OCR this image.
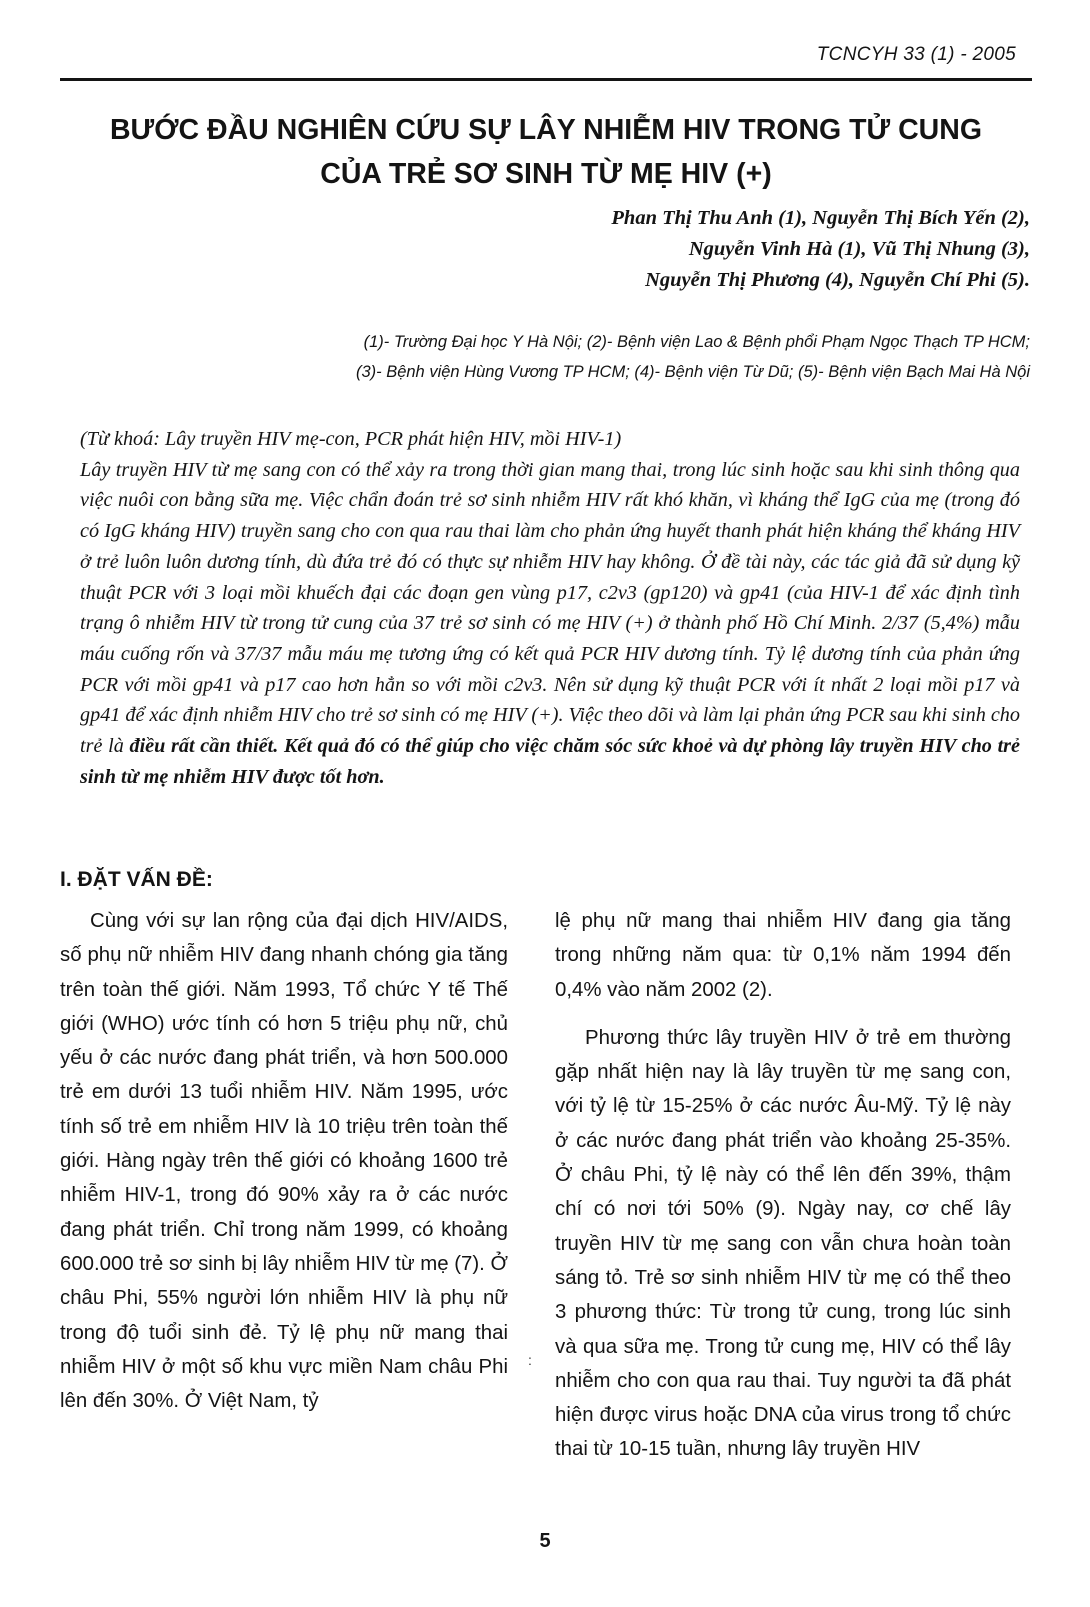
TCNCYH 33 (1) - 2005
BƯỚC ĐẦU NGHIÊN CỨU SỰ LÂY NHIỄM HIV TRONG TỬ CUNG
CỦA TRẺ SƠ SINH TỪ MẸ HIV (+)
Phan Thị Thu Anh (1), Nguyễn Thị Bích Yến (2),
Nguyễn Vinh Hà (1), Vũ Thị Nhung (3),
Nguyễn Thị Phương (4), Nguyễn Chí Phi (5).
(1)- Trường Đại học Y Hà Nội; (2)- Bệnh viện Lao & Bệnh phổi Phạm Ngọc Thạch TP HCM;
(3)- Bệnh viện Hùng Vương TP HCM; (4)- Bệnh viện Từ Dũ; (5)- Bệnh viện Bạch Mai Hà Nội
(Từ khoá: Lây truyền HIV mẹ-con, PCR phát hiện HIV, mồi HIV-1)
Lây truyền HIV từ mẹ sang con có thể xảy ra trong thời gian mang thai, trong lúc sinh hoặc sau khi sinh thông qua việc nuôi con bằng sữa mẹ. Việc chẩn đoán trẻ sơ sinh nhiễm HIV rất khó khăn, vì kháng thể IgG của mẹ (trong đó có IgG kháng HIV) truyền sang cho con qua rau thai làm cho phản ứng huyết thanh phát hiện kháng thể kháng HIV ở trẻ luôn luôn dương tính, dù đứa trẻ đó có thực sự nhiễm HIV hay không. Ở đề tài này, các tác giả đã sử dụng kỹ thuật PCR với 3 loại mồi khuếch đại các đoạn gen vùng p17, c2v3 (gp120) và gp41 (của HIV-1 để xác định tình trạng ô nhiễm HIV từ trong tử cung của 37 trẻ sơ sinh có mẹ HIV (+) ở thành phố Hồ Chí Minh. 2/37 (5,4%) mẫu máu cuống rốn và 37/37 mẫu máu mẹ tương ứng có kết quả PCR HIV dương tính. Tỷ lệ dương tính của phản ứng PCR với mồi gp41 và p17 cao hơn hẳn so với mồi c2v3. Nên sử dụng kỹ thuật PCR với ít nhất 2 loại mồi p17 và gp41 để xác định nhiễm HIV cho trẻ sơ sinh có mẹ HIV (+). Việc theo dõi và làm lại phản ứng PCR sau khi sinh cho trẻ là điều rất cần thiết. Kết quả đó có thể giúp cho việc chăm sóc sức khoẻ và dự phòng lây truyền HIV cho trẻ sinh từ mẹ nhiễm HIV được tốt hơn.
I. ĐẶT VẤN ĐỀ:
Cùng với sự lan rộng của đại dịch HIV/AIDS, số phụ nữ nhiễm HIV đang nhanh chóng gia tăng trên toàn thế giới. Năm 1993, Tổ chức Y tế Thế giới (WHO) ước tính có hơn 5 triệu phụ nữ, chủ yếu ở các nước đang phát triển, và hơn 500.000 trẻ em dưới 13 tuổi nhiễm HIV. Năm 1995, ước tính số trẻ em nhiễm HIV là 10 triệu trên toàn thế giới. Hàng ngày trên thế giới có khoảng 1600 trẻ nhiễm HIV-1, trong đó 90% xảy ra ở các nước đang phát triển. Chỉ trong năm 1999, có khoảng 600.000 trẻ sơ sinh bị lây nhiễm HIV từ mẹ (7). Ở châu Phi, 55% người lớn nhiễm HIV là phụ nữ trong độ tuổi sinh đẻ. Tỷ lệ phụ nữ mang thai nhiễm HIV ở một số khu vực miền Nam châu Phi lên đến 30%. Ở Việt Nam, tỷ
:
lệ phụ nữ mang thai nhiễm HIV đang gia tăng trong những năm qua: từ 0,1% năm 1994 đến 0,4% vào năm 2002 (2).
Phương thức lây truyền HIV ở trẻ em thường gặp nhất hiện nay là lây truyền từ mẹ sang con, với tỷ lệ từ 15-25% ở các nước Âu-Mỹ. Tỷ lệ này ở các nước đang phát triển vào khoảng 25-35%. Ở châu Phi, tỷ lệ này có thể lên đến 39%, thậm chí có nơi tới 50% (9). Ngày nay, cơ chế lây truyền HIV từ mẹ sang con vẫn chưa hoàn toàn sáng tỏ. Trẻ sơ sinh nhiễm HIV từ mẹ có thể theo 3 phương thức: Từ trong tử cung, trong lúc sinh và qua sữa mẹ. Trong tử cung mẹ, HIV có thể lây nhiễm cho con qua rau thai. Tuy người ta đã phát hiện được virus hoặc DNA của virus trong tổ chức thai từ 10-15 tuần, nhưng lây truyền HIV
5
